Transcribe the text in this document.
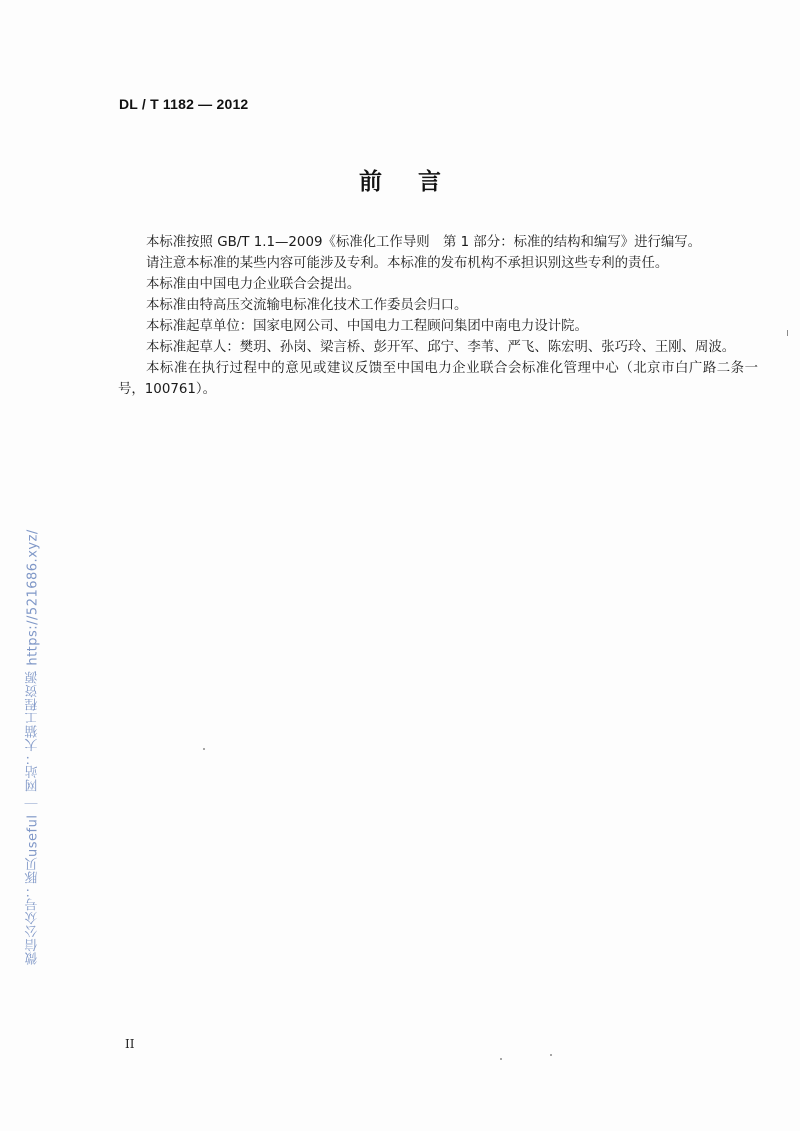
DL / T 1182 — 2012
前 言

本标准按照 GB/T 1.1—2009《标准化工作导则　第 1 部分：标准的结构和编写》进行编写。

请注意本标准的某些内容可能涉及专利。本标准的发布机构不承担识别这些专利的责任。

本标准由中国电力企业联合会提出。

本标准由特高压交流输电标准化技术工作委员会归口。

本标准起草单位：国家电网公司、中国电力工程顾问集团中南电力设计院。

本标准起草人：樊玥、孙岗、梁言桥、彭开军、邱宁、李苇、严飞、陈宏明、张巧玲、王刚、周波。

本标准在执行过程中的意见或建议反馈至中国电力企业联合会标准化管理中心（北京市白广路二条一号，100761）。

微信公众号：豚贝useful ｜ 网站：大猫工程资源 https://521686.xyz/
II
